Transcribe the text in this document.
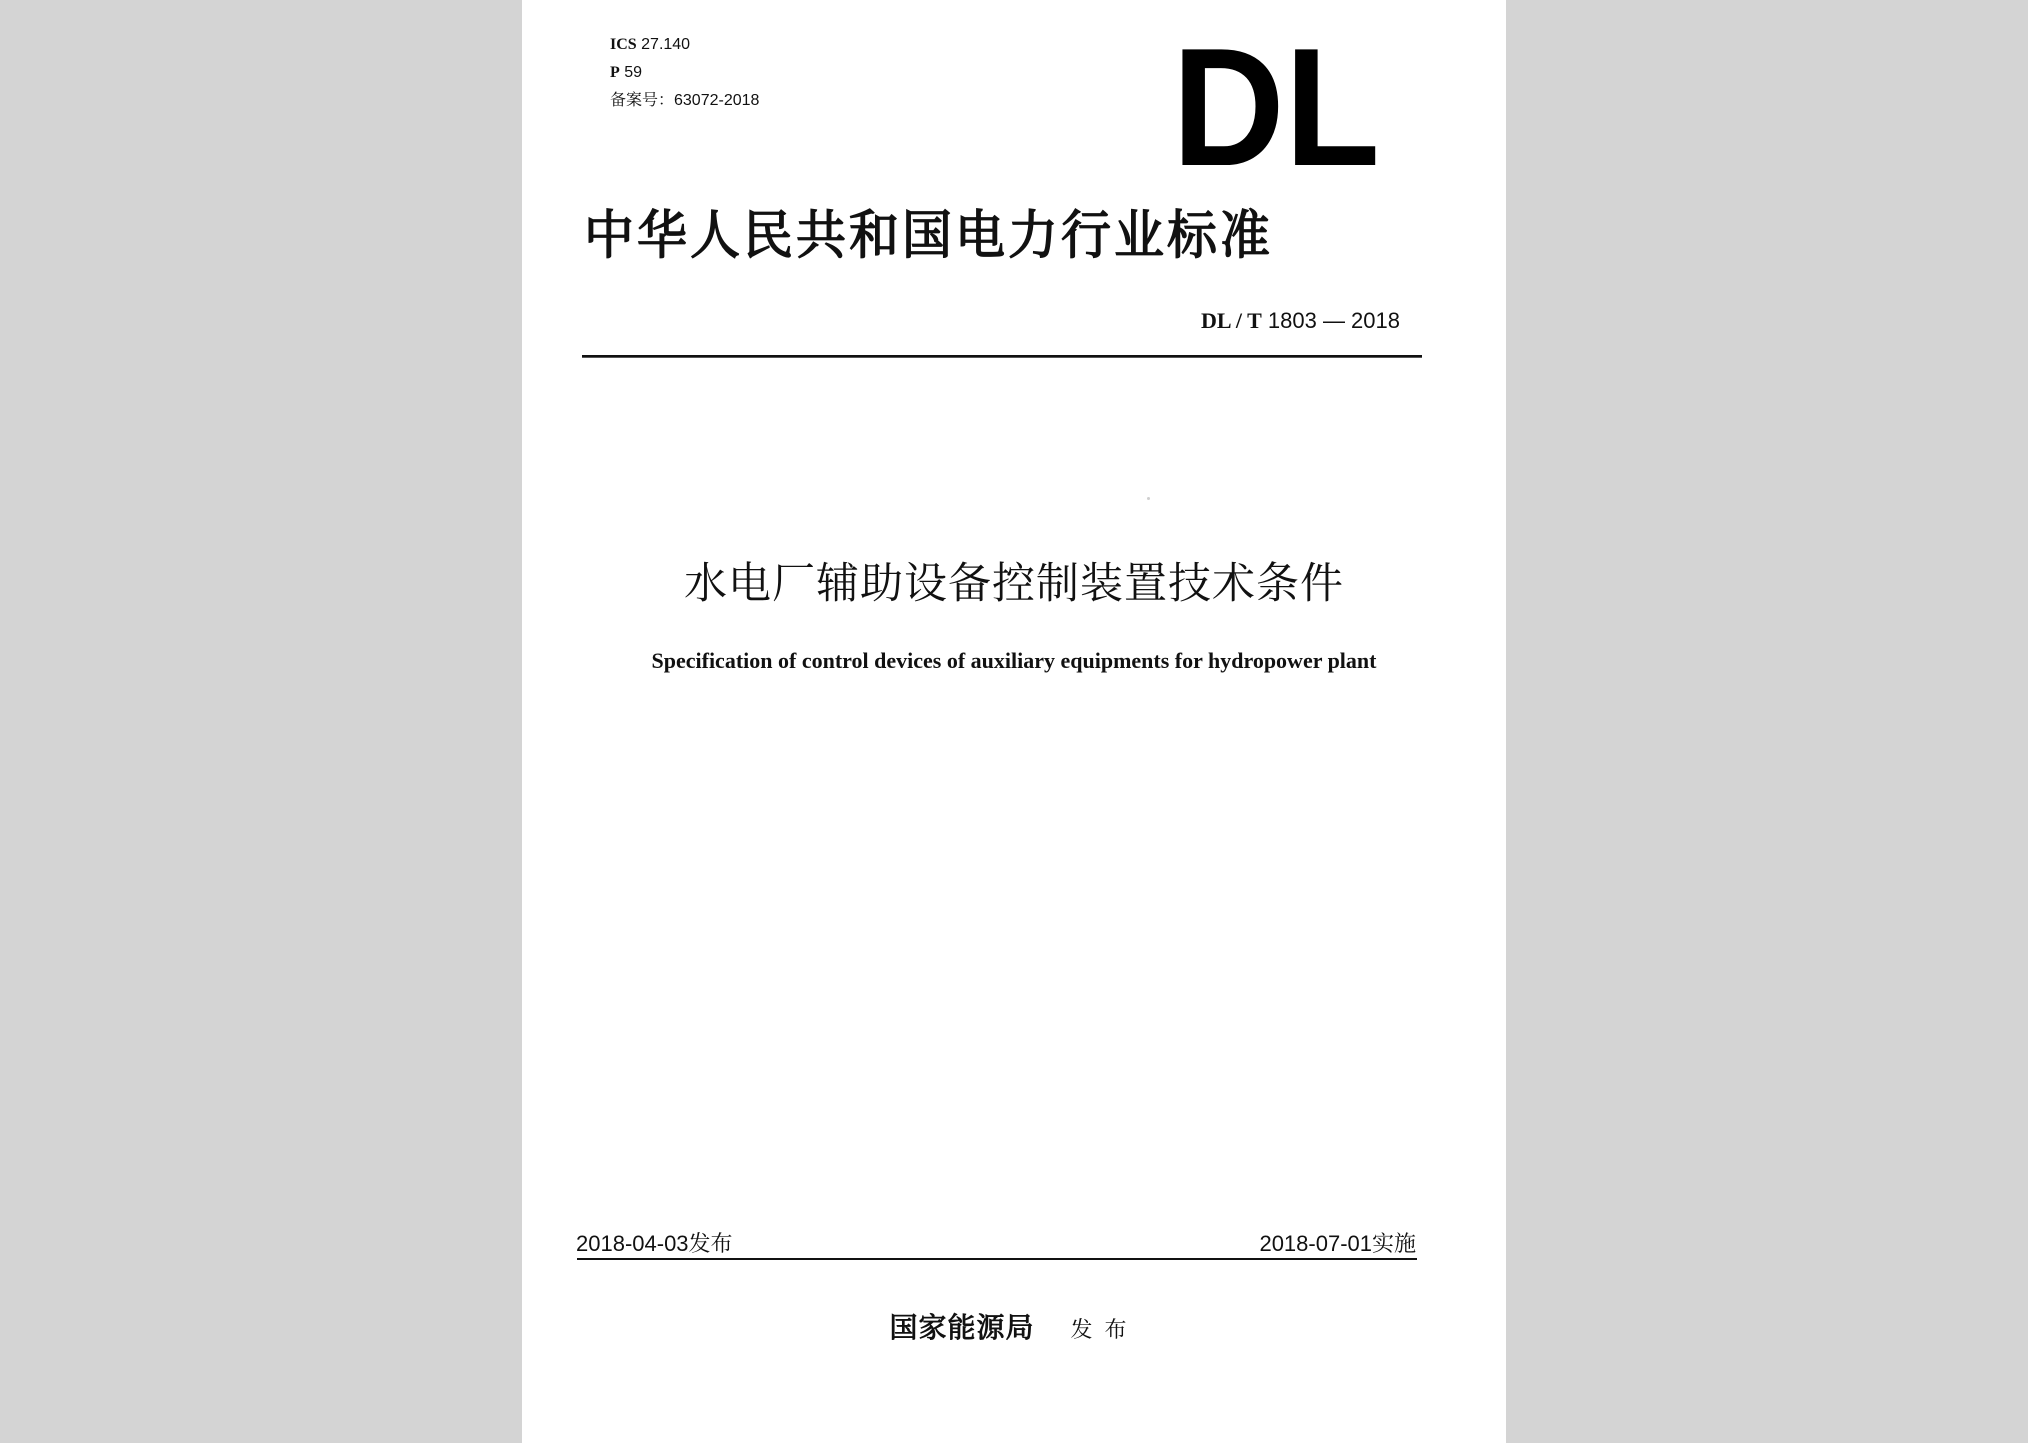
ICS 27.140
P 59
备案号：63072-2018 DL
中华人民共和国电力行业标准
DL / T 1803 — 2018
水电厂辅助设备控制装置技术条件
Specification of control devices of auxiliary equipments for hydropower plant
2018-04-03发布	2018-07-01实施
国家能源局 发布
